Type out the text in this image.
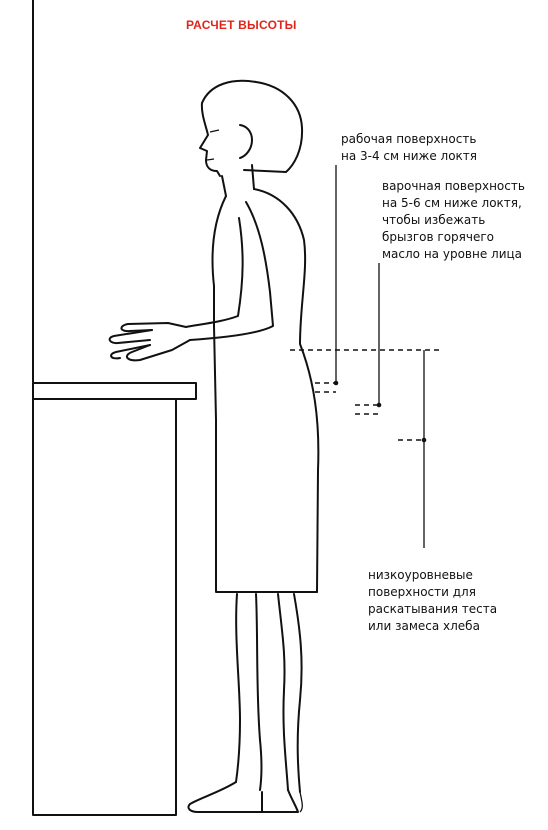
РАСЧЕТ ВЫСОТЫ
рабочая поверхность
на 3-4 см ниже локтя
варочная поверхность
на 5-6 см ниже локтя,
чтобы избежать
брызгов горячего
масло на уровне лица
низкоуровневые
поверхности для
раскатывания теста
или замеса хлеба
